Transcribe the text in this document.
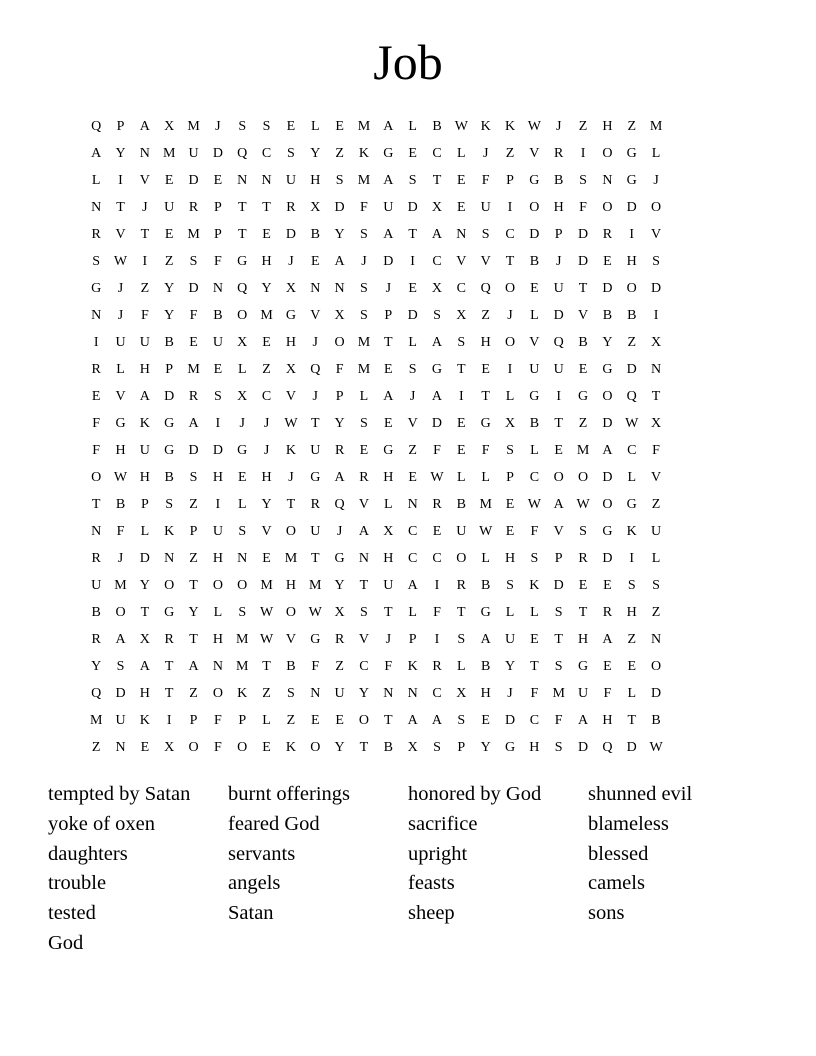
Job
Q	P	A	X M	J	S	S	E	L	E M A	L	B W K	K W	J	Z	H	Z M
A	Y	N M U	D	Q	C	S	Y	Z	K	G	E	C	L	J	Z	V	R	I	O	G	L
L	I	V	E	D	E	N	N	U	H	S	M A	S	T	E	F	P	G	B	S	N	G	J
N	T	J	U	R	P	T	T	R	X	D	F	U	D	X	E	U	I	O	H	F	O	D	O
R	V	T	E M	P	T	E	D	B	Y	S	A	T	A	N	S	C	D	P	D	R	I	V
S W	I	Z	S	F	G	H	J	E	A	J	D	I	C	V	V	T	B	J	D	E	H	S
G	J	Z	Y	D	N	Q	Y	X	N	N	S	J	E	X	C	Q	O	E	U	T	D	O	D
N	J	F	Y	F	B	O M G	V	X	S	P	D	S	X	Z	J	L	D	V	B	B	I
I	U	U	B	E	U	X	E	H	J	O M T	L	A	S	H	O	V	Q	B	Y	Z	X
R	L	H	P	M E	L	Z	X	Q	F	M E	S	G	T	E	I	U	U	E	G	D	N
E	V	A	D	R	S	X	C	V	J	P	L	A	J	A	I	T	L	G	I	G	O	Q	T
F	G	K	G	A	I	J	J	W T	Y	S	E	V	D	E	G	X	B	T	Z	D W X
F	H	U	G	D	D	G	J	K	U	R	E	G	Z	F	E	F	S	L	E M A	C	F
O W H	B	S	H	E	H	J	G	A	R	H	E W L	L	P	C	O	O	D	L	V
T	B	P	S	Z	I	L	Y	T	R	Q	V	L	N	R	B M E W A W O	G	Z
N	F	L	K	P	U	S	V	O	U	J	A	X	C	E	U W E	F	V	S	G	K	U
R	J	D	N	Z	H	N	E M T	G	N	H	C	C	O	L	H	S	P	R	D	I	L
U M Y	O	T	O	O M H M Y	T	U	A	I	R	B	S	K	D	E	E	S	S
B	O	T	G	Y	L	S W O W X	S	T	L	F	T	G	L	L	S	T	R	H	Z
R	A	X	R	T	H M W V	G	R	V	J	P	I	S	A	U	E	T	H	A	Z	N
Y	S	A	T	A	N M T	B	F	Z	C	F	K	R	L	B	Y	T	S	G	E	E	O
Q	D	H	T	Z	O	K	Z	S	N	U	Y	N	N	C	X	H	J	F	M U	F	L	D
M U	K	I	P	F	P	L	Z	E	E	O	T	A	A	S	E	D	C	F	A	H	T	B
Z	N	E	X	O	F	O	E	K	O	Y	T	B	X	S	P	Y	G	H	S	D	Q	D W
tempted by Satan	burnt offerings	honored by God	shunned evil
yoke of oxen	feared God	sacrifice	blameless
daughters	servants	upright	blessed
trouble	angels	feasts	camels
tested	Satan	sheep	sons
God
